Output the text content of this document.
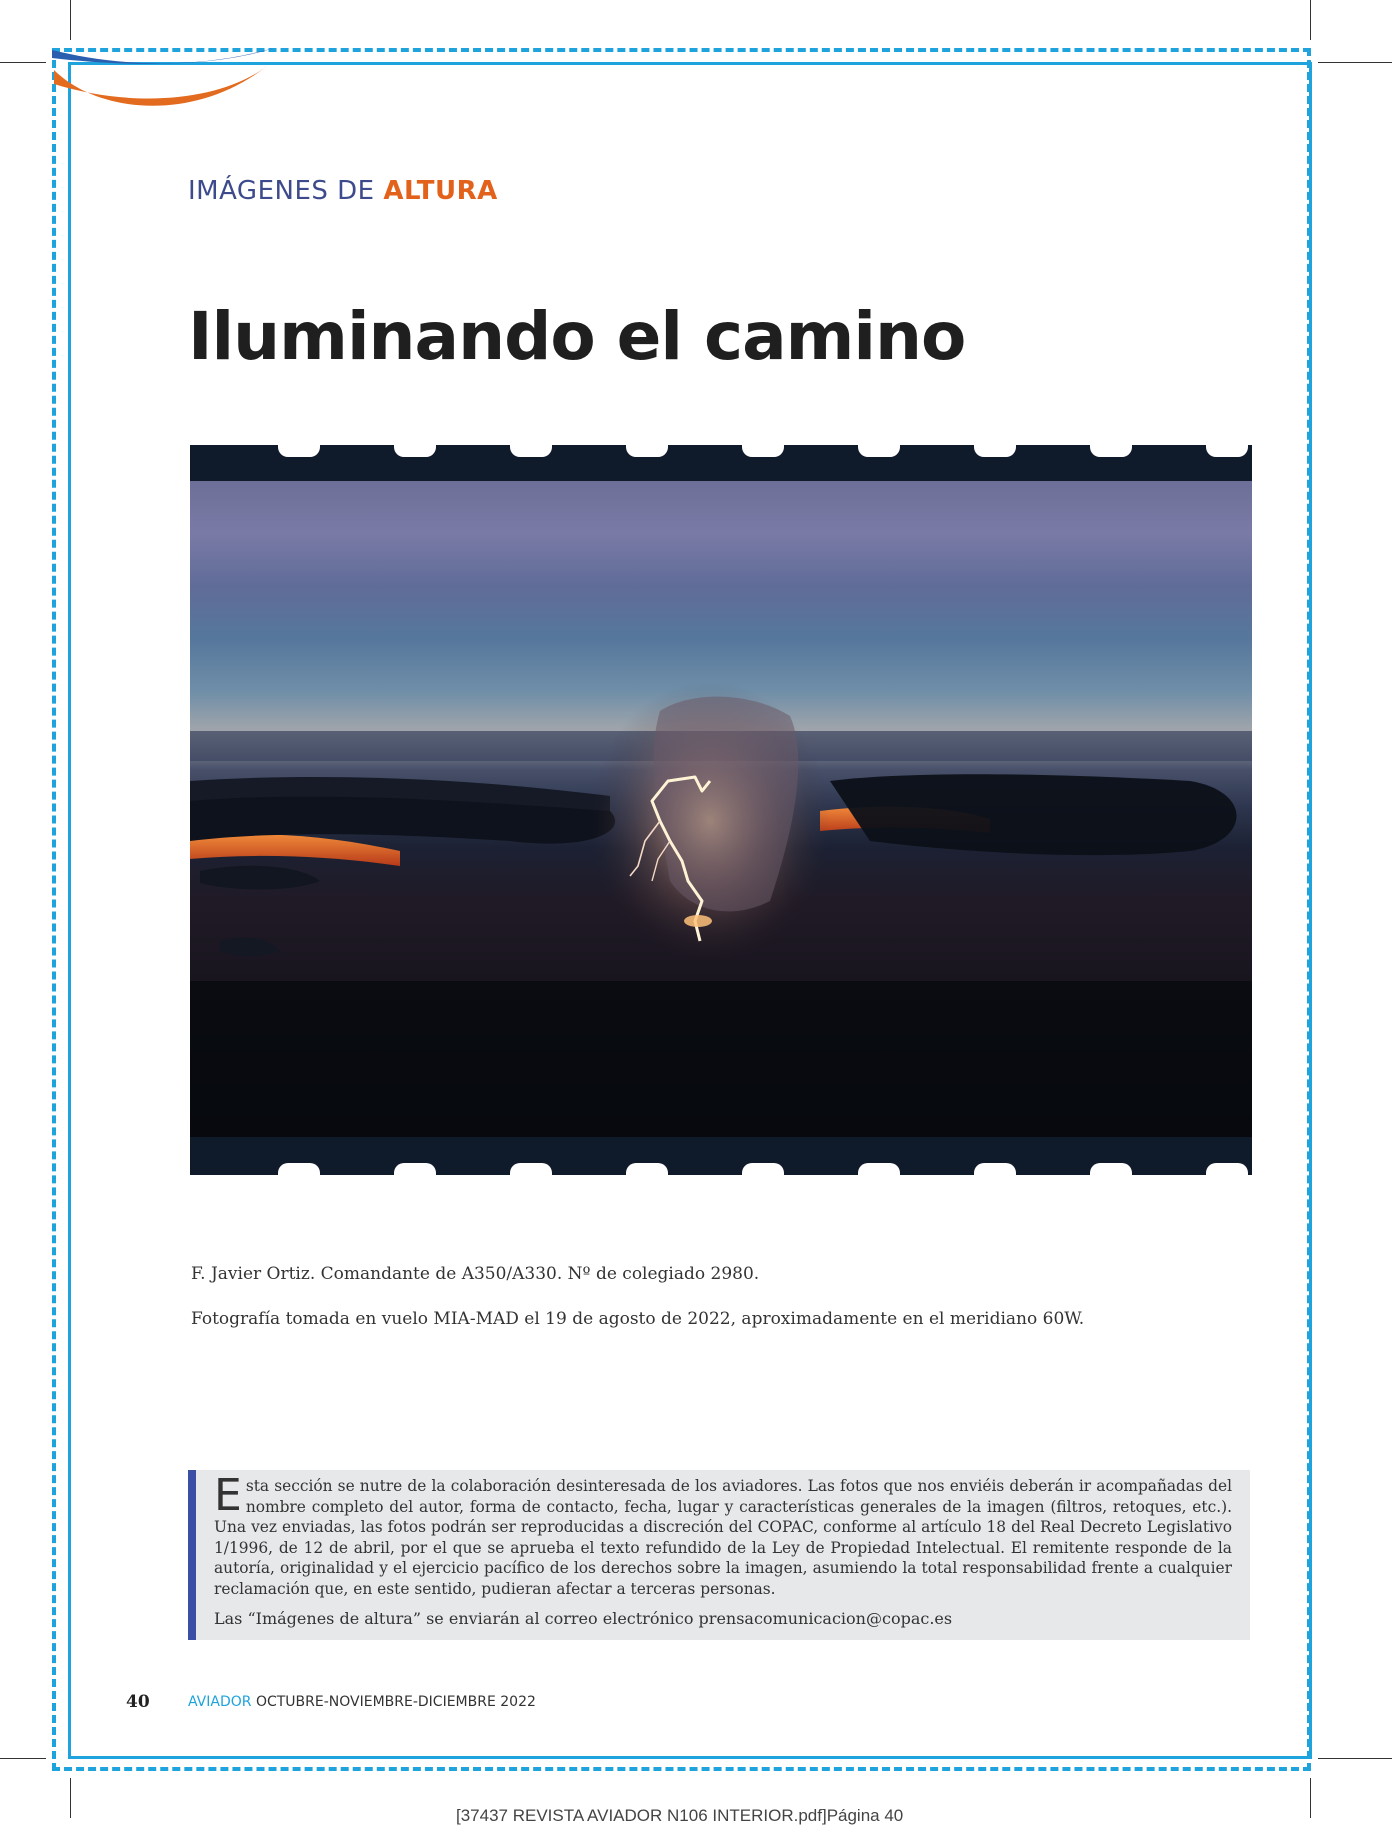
IMÁGENES DE ALTURA
Iluminando el camino
F. Javier Ortiz. Comandante de A350/A330. Nº de colegiado 2980.
Fotografía tomada en vuelo MIA-MAD el 19 de agosto de 2022, aproximadamente en el meridiano 60W.
Esta sección se nutre de la colaboración desinteresada de los aviadores. Las fotos que nos enviéis deberán ir acompañadas del nombre completo del autor, forma de contacto, fecha, lugar y características generales de la imagen (filtros, retoques, etc.). Una vez enviadas, las fotos podrán ser reproducidas a discreción del COPAC, conforme al artículo 18 del Real Decreto Legislativo 1/1996, de 12 de abril, por el que se aprueba el texto refundido de la Ley de Propiedad Intelectual. El remitente responde de la autoría, originalidad y el ejercicio pacífico de los derechos sobre la imagen, asumiendo la total responsabilidad frente a cualquier reclamación que, en este sentido, pudieran afectar a terceras personas.
Las “Imágenes de altura” se enviarán al correo electrónico prensacomunicacion@copac.es
40	AVIADOR OCTUBRE-NOVIEMBRE-DICIEMBRE 2022
[37437 REVISTA AVIADOR N106 INTERIOR.pdf]Página 40
